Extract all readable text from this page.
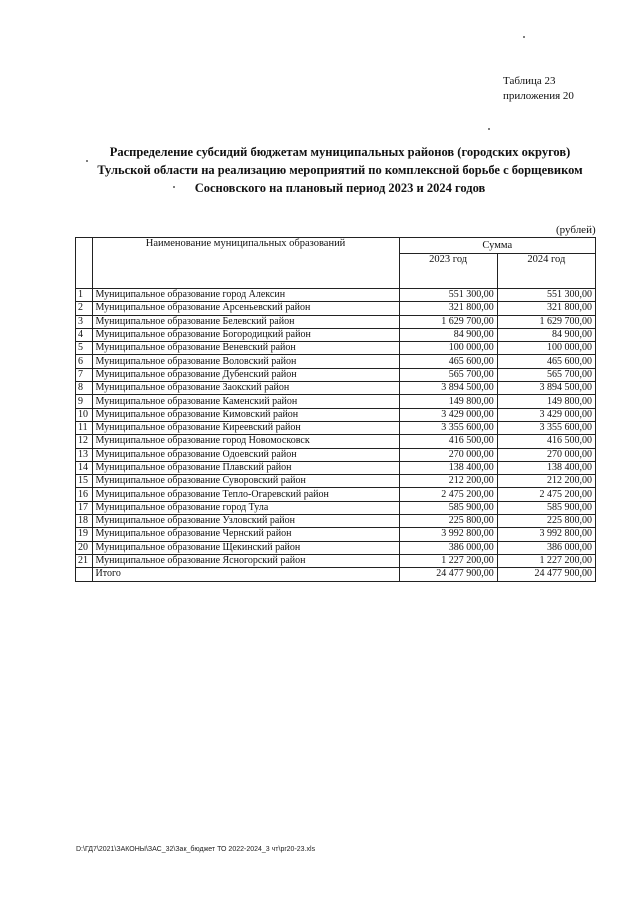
Таблица 23
приложения 20
Распределение субсидий бюджетам муниципальных районов (городских округов)
Тульской области на реализацию мероприятий по комплексной борьбе с борщевиком
Сосновского на плановый период 2023 и 2024 годов
(рублей)
	Наименование муниципальных образований	Сумма	
		2023 год	2024 год
1	Муниципальное образование город Алексин	551 300,00	551 300,00
2	Муниципальное образование Арсеньевский район	321 800,00	321 800,00
3	Муниципальное образование Белевский район	1 629 700,00	1 629 700,00
4	Муниципальное образование Богородицкий район	84 900,00	84 900,00
5	Муниципальное образование Веневский район	100 000,00	100 000,00
6	Муниципальное образование Воловский район	465 600,00	465 600,00
7	Муниципальное образование Дубенский район	565 700,00	565 700,00
8	Муниципальное образование Заокский район	3 894 500,00	3 894 500,00
9	Муниципальное образование Каменский район	149 800,00	149 800,00
10	Муниципальное образование Кимовский район	3 429 000,00	3 429 000,00
11	Муниципальное образование Киреевский район	3 355 600,00	3 355 600,00
12	Муниципальное образование город Новомосковск	416 500,00	416 500,00
13	Муниципальное образование Одоевский район	270 000,00	270 000,00
14	Муниципальное образование Плавский район	138 400,00	138 400,00
15	Муниципальное образование Суворовский район	212 200,00	212 200,00
16	Муниципальное образование Тепло-Огаревский район	2 475 200,00	2 475 200,00
17	Муниципальное образование город Тула	585 900,00	585 900,00
18	Муниципальное образование Узловский район	225 800,00	225 800,00
19	Муниципальное образование Чернский район	3 992 800,00	3 992 800,00
20	Муниципальное образование Щекинский район	386 000,00	386 000,00
21	Муниципальное образование Ясногорский район	1 227 200,00	1 227 200,00
	Итого	24 477 900,00	24 477 900,00
D:\ГД7\2021\ЗАКОНЫ\ЗАС_32\Зак_бюджет ТО 2022-2024_3 чт\pr20-23.xls
